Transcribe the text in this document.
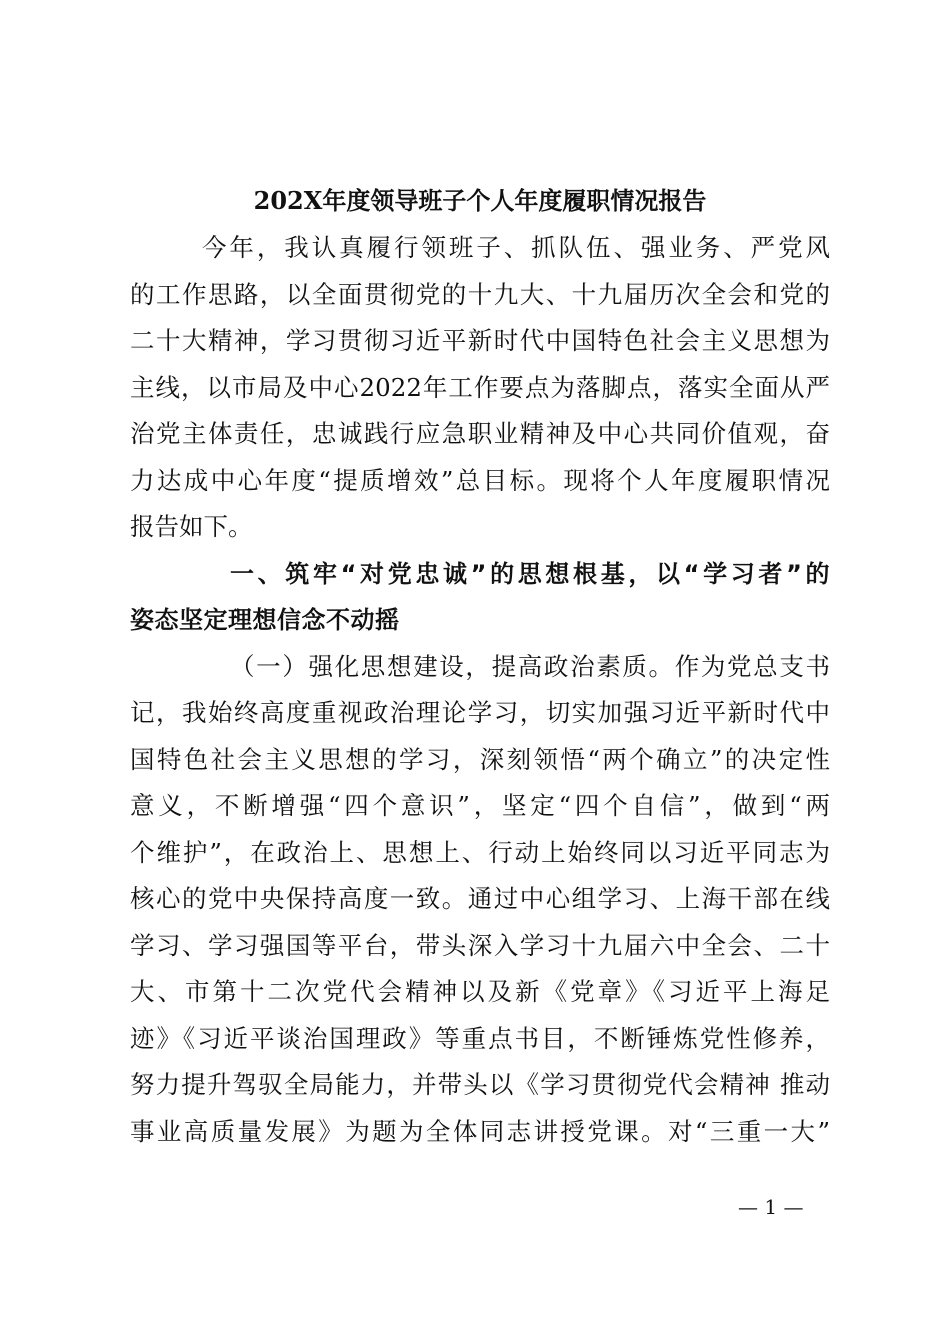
202X年度领导班子个人年度履职情况报告
今年，我认真履行领班子、抓队伍、强业务、严党风
的工作思路，以全面贯彻党的十九大、十九届历次全会和党的
二十大精神，学习贯彻习近平新时代中国特色社会主义思想为
主线，以市局及中心2022年工作要点为落脚点，落实全面从严
治党主体责任，忠诚践行应急职业精神及中心共同价值观，奋
力达成中心年度“提质增效”总目标。现将个人年度履职情况
报告如下。
一、筑牢“对党忠诚”的思想根基，以“学习者”的
姿态坚定理想信念不动摇
（一）强化思想建设，提高政治素质。作为党总支书
记，我始终高度重视政治理论学习，切实加强习近平新时代中
国特色社会主义思想的学习，深刻领悟“两个确立”的决定性
意义，不断增强“四个意识”，坚定“四个自信”，做到“两
个维护”，在政治上、思想上、行动上始终同以习近平同志为
核心的党中央保持高度一致。通过中心组学习、上海干部在线
学习、学习强国等平台，带头深入学习十九届六中全会、二十
大、市第十二次党代会精神以及新《党章》《习近平上海足
迹》《习近平谈治国理政》等重点书目，不断锤炼党性修养，
努力提升驾驭全局能力，并带头以《学习贯彻党代会精神 推动
事业高质量发展》为题为全体同志讲授党课。对“三重一大”
— 1 —
